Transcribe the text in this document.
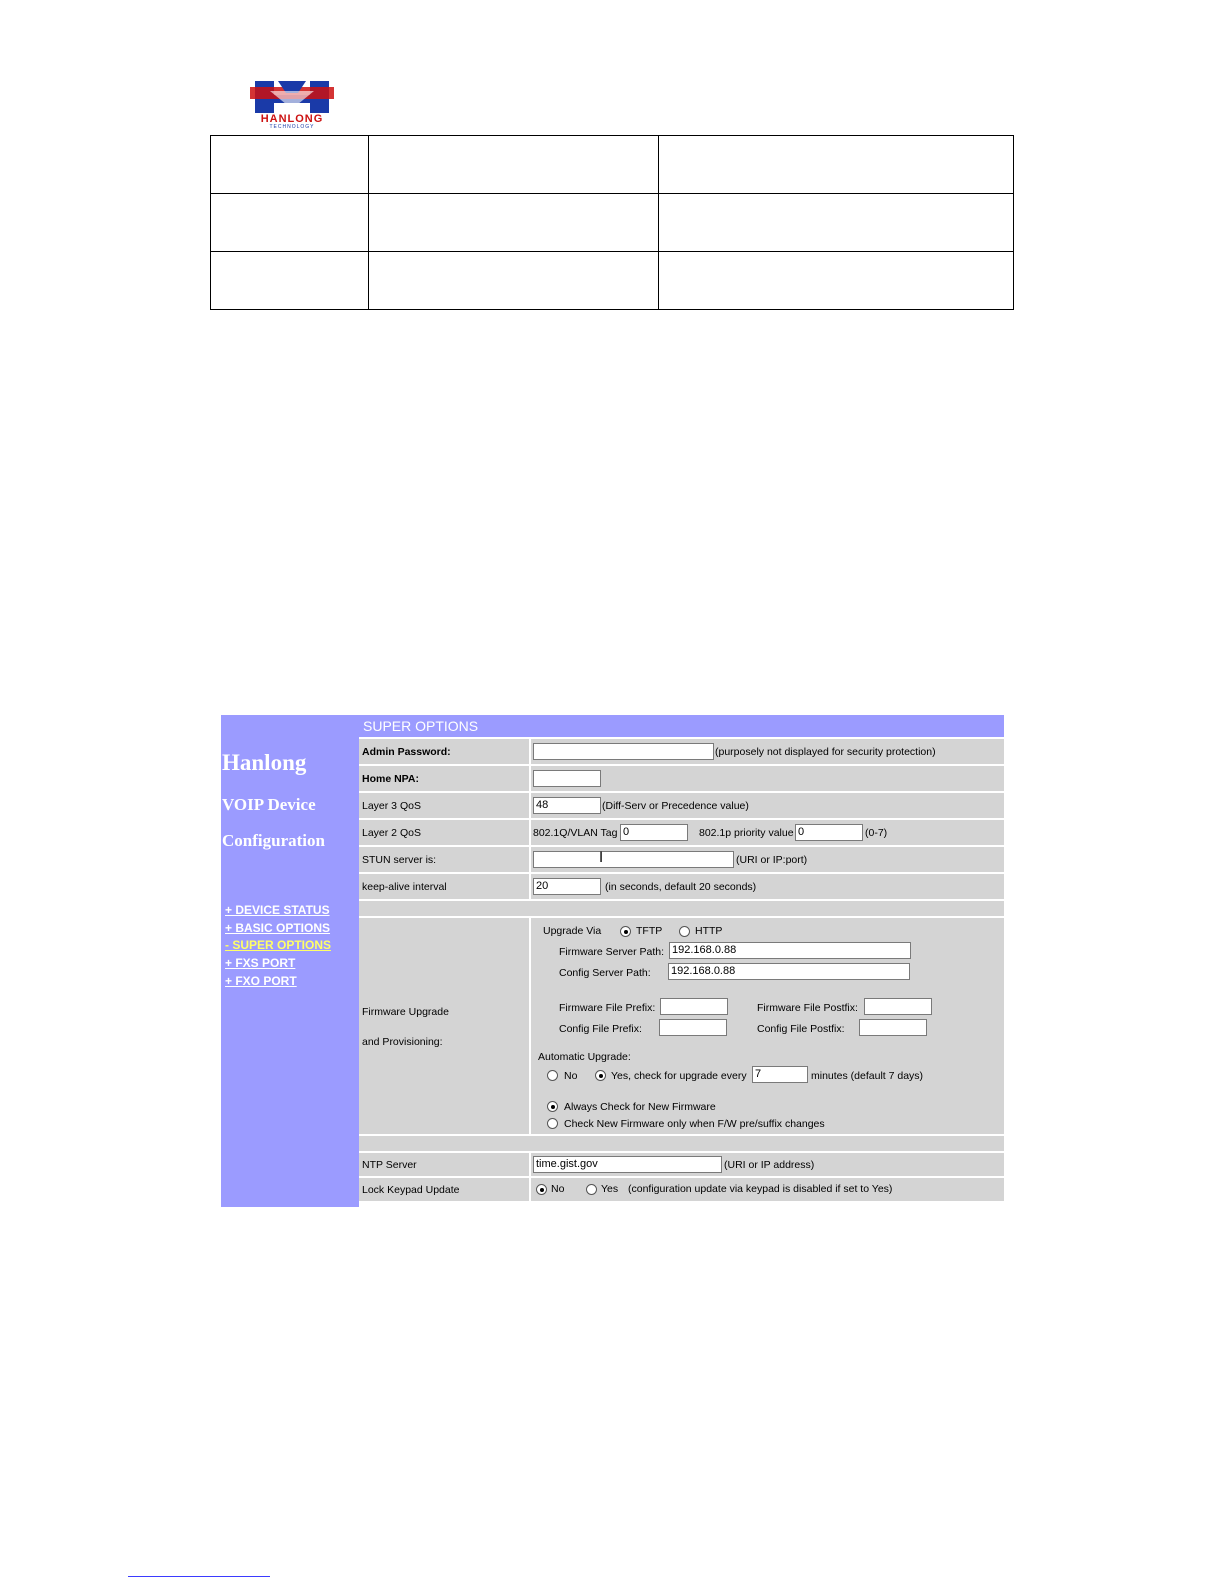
HANLONG
TECHNOLOGY

Hanlong
VOIP Device
Configuration
+ DEVICE STATUS
+ BASIC OPTIONS
- SUPER OPTIONS
+ FXS PORT
+ FXO PORT
SUPER OPTIONS
Admin Password:	(purposely not displayed for security protection)
Home NPA:
Layer 3 QoS	48	(Diff-Serv or Precedence value)
Layer 2 QoS	802.1Q/VLAN Tag 0	802.1p priority value 0	(0-7)
STUN server is:	Ι	(URI or IP:port)
keep-alive interval	20	(in seconds, default 20 seconds)
Firmware Upgrade
and Provisioning:
Upgrade Via	TFTP	HTTP
Firmware Server Path: 192.168.0.88
Config Server Path: 192.168.0.88
Firmware File Prefix:	Firmware File Postfix:
Config File Prefix:	Config File Postfix:
Automatic Upgrade:
No	Yes, check for upgrade every 7	minutes (default 7 days)
Always Check for New Firmware
Check New Firmware only when F/W pre/suffix changes
NTP Server	time.gist.gov	(URI or IP address)
Lock Keypad Update	No	Yes (configuration update via keypad is disabled if set to Yes)
